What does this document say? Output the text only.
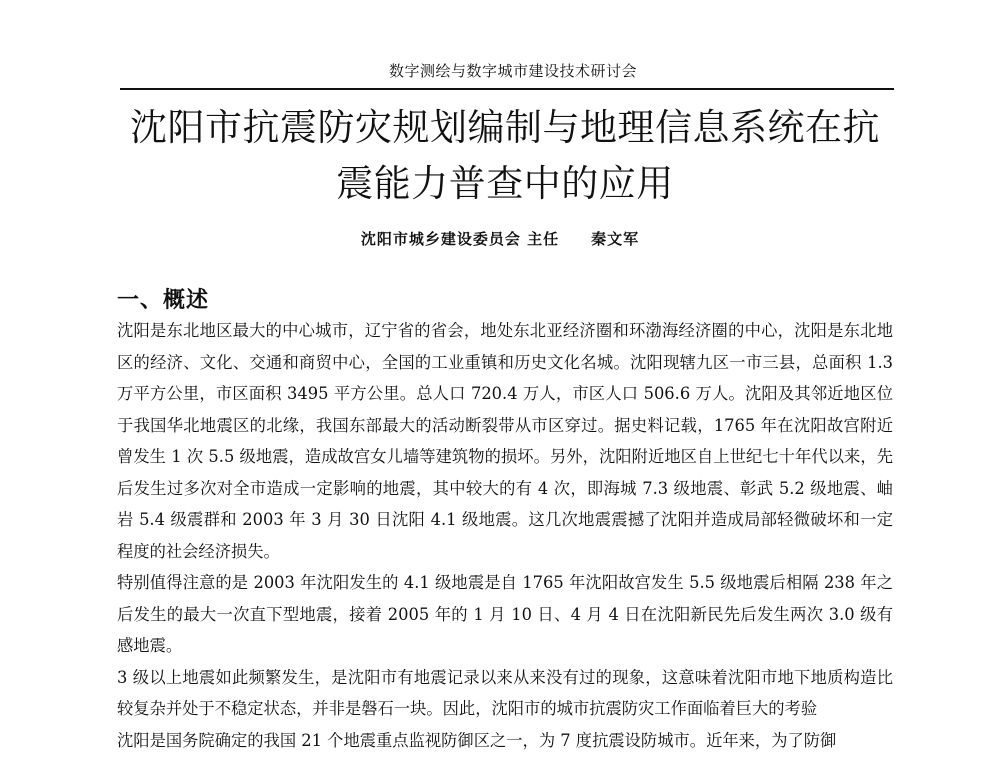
数字测绘与数字城市建设技术研讨会
沈阳市抗震防灾规划编制与地理信息系统在抗
震能力普查中的应用
沈阳市城乡建设委员会 主任　　秦文军
一、概述

沈阳是东北地区最大的中心城市，辽宁省的省会，地处东北亚经济圈和环渤海经济圈的中心，沈阳是东北地区的经济、文化、交通和商贸中心，全国的工业重镇和历史文化名城。沈阳现辖九区一市三县，总面积 1.3 万平方公里，市区面积 3495 平方公里。总人口 720.4 万人，市区人口 506.6 万人。沈阳及其邻近地区位于我国华北地震区的北缘，我国东部最大的活动断裂带从市区穿过。据史料记载，1765 年在沈阳故宫附近曾发生 1 次 5.5 级地震，造成故宫女儿墙等建筑物的损坏。另外，沈阳附近地区自上世纪七十年代以来，先后发生过多次对全市造成一定影响的地震，其中较大的有 4 次，即海城 7.3 级地震、彰武 5.2 级地震、岫岩 5.4 级震群和 2003 年 3 月 30 日沈阳 4.1 级地震。这几次地震震撼了沈阳并造成局部轻微破坏和一定程度的社会经济损失。

特别值得注意的是 2003 年沈阳发生的 4.1 级地震是自 1765 年沈阳故宫发生 5.5 级地震后相隔 238 年之后发生的最大一次直下型地震，接着 2005 年的 1 月 10 日、4 月 4 日在沈阳新民先后发生两次 3.0 级有感地震。

3 级以上地震如此频繁发生，是沈阳市有地震记录以来从来没有过的现象，这意味着沈阳市地下地质构造比较复杂并处于不稳定状态，并非是磐石一块。因此，沈阳市的城市抗震防灾工作面临着巨大的考验

沈阳是国务院确定的我国 21 个地震重点监视防御区之一，为 7 度抗震设防城市。近年来，为了防御
